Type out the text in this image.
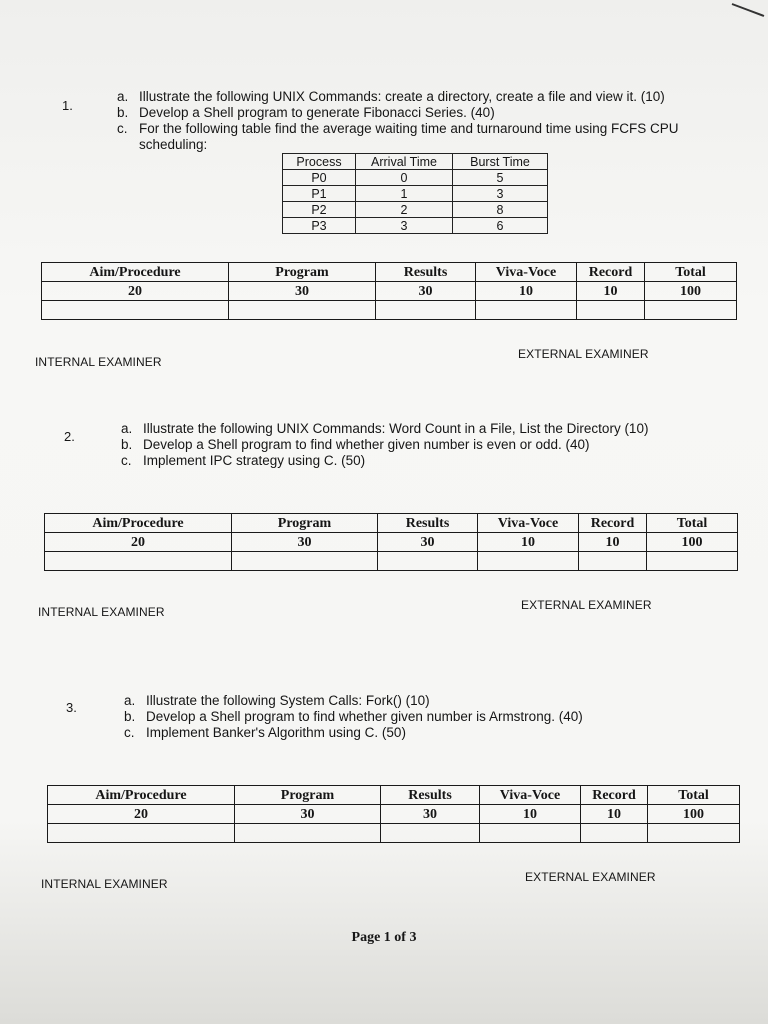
1.
a. Illustrate the following UNIX Commands: create a directory, create a file and view it. (10)
b. Develop a Shell program to generate Fibonacci Series. (40)
c. For the following table find the average waiting time and turnaround time using FCFS CPU scheduling:
Process	Arrival Time	Burst Time
P0	0	5
P1	1	3
P2	2	8
P3	3	6
Aim/Procedure	Program	Results	Viva-Voce	Record	Total
20	30	30	10	10	100

INTERNAL EXAMINER
EXTERNAL EXAMINER
2.
a. Illustrate the following UNIX Commands: Word Count in a File, List the Directory (10)
b. Develop a Shell program to find whether given number is even or odd. (40)
c. Implement IPC strategy using C. (50)
Aim/Procedure	Program	Results	Viva-Voce	Record	Total
20	30	30	10	10	100

INTERNAL EXAMINER	EXTERNAL EXAMINER
3.	a. Illustrate the following System Calls: Fork() (10)
b. Develop a Shell program to find whether given number is Armstrong. (40)
c. Implement Banker's Algorithm using C. (50)
Aim/Procedure	Program	Results	Viva-Voce	Record	Total
20	30	30	10	10	100

INTERNAL EXAMINER	EXTERNAL EXAMINER
Page 1 of 3
